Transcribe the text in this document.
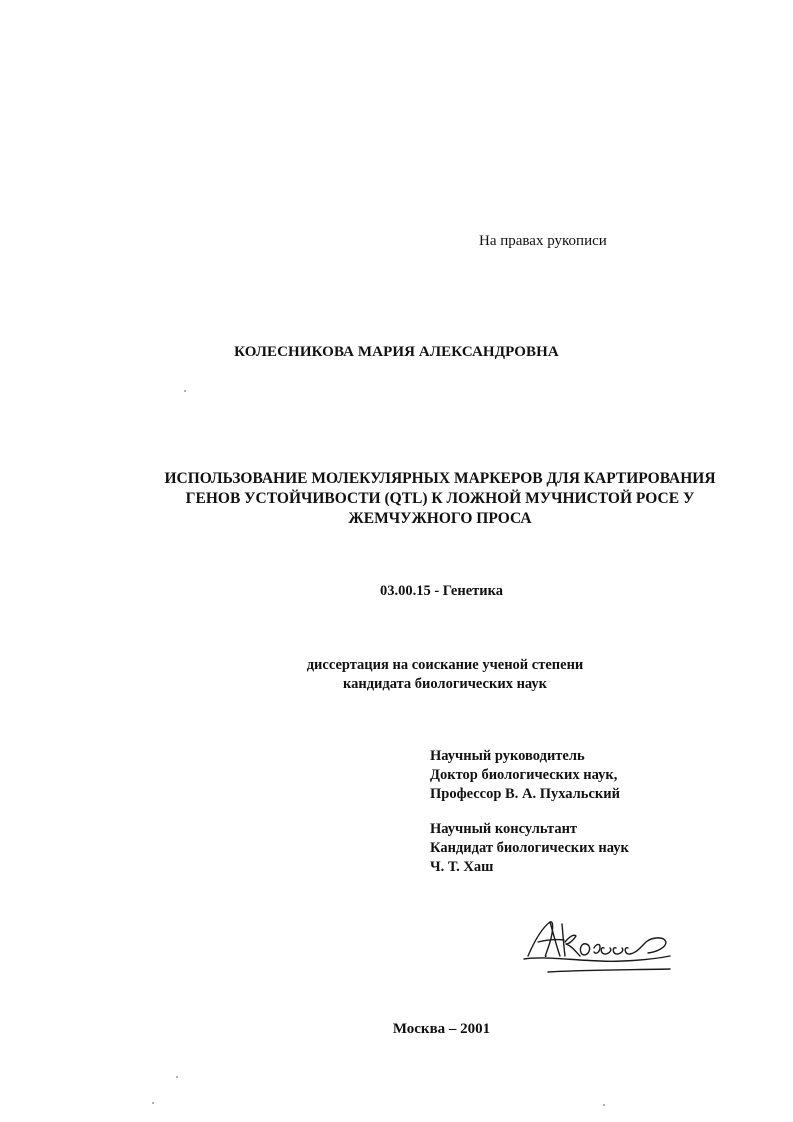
На правах рукописи
КОЛЕСНИКОВА МАРИЯ АЛЕКСАНДРОВНА
ИСПОЛЬЗОВАНИЕ МОЛЕКУЛЯРНЫХ МАРКЕРОВ ДЛЯ КАРТИРОВАНИЯ
ГЕНОВ УСТОЙЧИВОСТИ (QTL) К ЛОЖНОЙ МУЧНИСТОЙ РОСЕ У
ЖЕМЧУЖНОГО ПРОСА
03.00.15 - Генетика
диссертация на соискание ученой степени
кандидата биологических наук
Научный руководитель
Доктор биологических наук,
Профессор В. А. Пухальский
Научный консультант
Кандидат биологических наук
Ч. Т. Хаш
Москва – 2001
